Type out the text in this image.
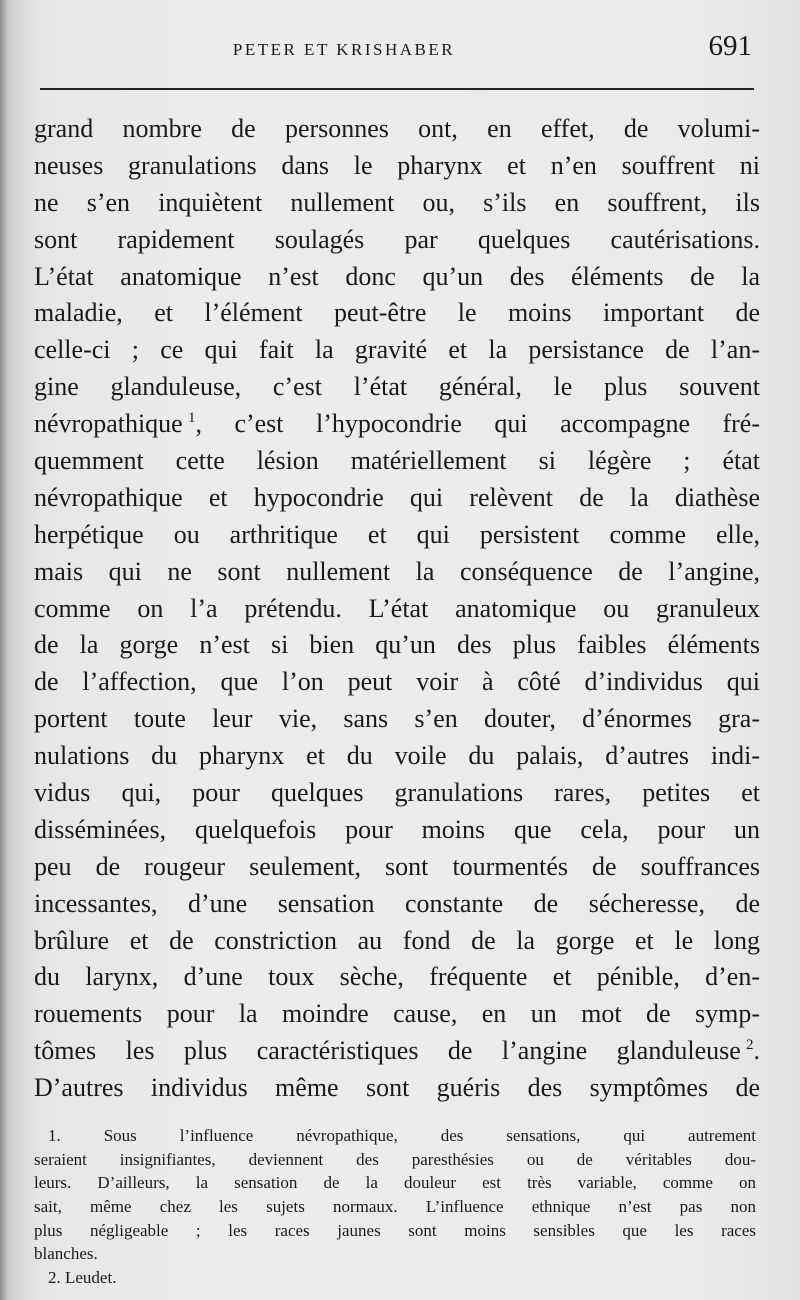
PETER ET KRISHABER	691
grand nombre de personnes ont, en effet, de volumi-
neuses granulations dans le pharynx et n’en souffrent ni
ne s’en inquiètent nullement ou, s’ils en souffrent, ils
sont rapidement soulagés par quelques cautérisations.
L’état anatomique n’est donc qu’un des éléments de la
maladie, et l’élément peut-être le moins important de
celle-ci ; ce qui fait la gravité et la persistance de l’an-
gine glanduleuse, c’est l’état général, le plus souvent
névropathique  $^1$, c’est l’hypocondrie qui accompagne fré-
quemment cette lésion matériellement si légère ; état
névropathique et hypocondrie qui relèvent de la diathèse
herpétique ou arthritique et qui persistent comme elle,
mais qui ne sont nullement la conséquence de l’angine,
comme on l’a prétendu. L’état anatomique ou granuleux
de la gorge n’est si bien qu’un des plus faibles éléments
de l’affection, que l’on peut voir à côté d’individus qui
portent toute leur vie, sans s’en douter, d’énormes gra-
nulations du pharynx et du voile du palais, d’autres indi-
vidus qui, pour quelques granulations rares, petites et
disséminées, quelquefois pour moins que cela, pour un
peu de rougeur seulement, sont tourmentés de souffrances
incessantes, d’une sensation constante de sécheresse, de
brûlure et de constriction au fond de la gorge et le long
du larynx, d’une toux sèche, fréquente et pénible, d’en-
rouements pour la moindre cause, en un mot de symp-
tômes les plus caractéristiques de l’angine glanduleuse  $^2$.
D’autres individus même sont guéris des symptômes de
1. Sous l’influence névropathique, des sensations, qui autrement
seraient insignifiantes, deviennent des paresthésies ou de véritables dou-
leurs. D’ailleurs, la sensation de la douleur est très variable, comme on
sait, même chez les sujets normaux. L’influence ethnique n’est pas non
plus négligeable ; les races jaunes sont moins sensibles que les races
blanches.
2. Leudet.
